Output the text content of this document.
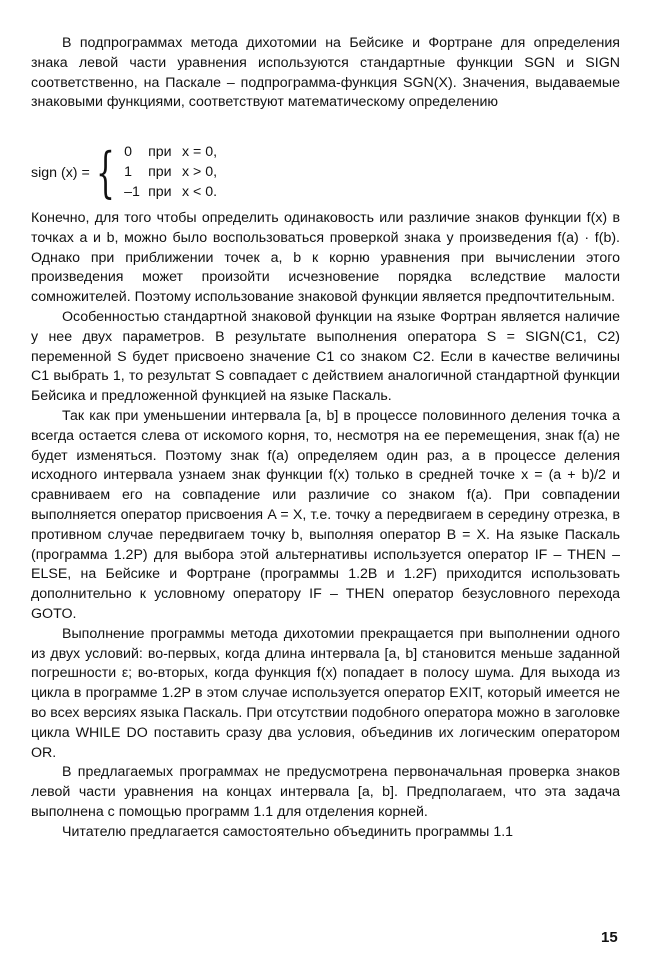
В подпрограммах метода дихотомии на Бейсике и Фортране для определения знака левой части уравнения используются стандартные функции SGN и SIGN соответственно, на Паскале – подпрограмма-функция SGN(X). Значения, выдаваемые знаковыми функциями, соответствуют математическому определению

sign (x) = { 0 при x = 0,
1 при x > 0,
–1 при x < 0.

Конечно, для того чтобы определить одинаковость или различие знаков функции f(x) в точках a и b, можно было воспользоваться проверкой знака у произведения f(a) · f(b). Однако при приближении точек a, b к корню уравнения при вычислении этого произведения может произойти исчезновение порядка вследствие малости сомножителей. Поэтому использование знаковой функции является предпочтительным.

Особенностью стандартной знаковой функции на языке Фортран является наличие у нее двух параметров. В результате выполнения оператора S = SIGN(C1, C2) переменной S будет присвоено значение C1 со знаком C2. Если в качестве величины C1 выбрать 1, то результат S совпадает с действием аналогичной стандартной функции Бейсика и предложенной функцией на языке Паскаль.

Так как при уменьшении интервала [a, b] в процессе половинного деления точка a всегда остается слева от искомого корня, то, несмотря на ее перемещения, знак f(a) не будет изменяться. Поэтому знак f(a) определяем один раз, а в процессе деления исходного интервала узнаем знак функции f(x) только в средней точке x = (a + b)/2 и сравниваем его на совпадение или различие со знаком f(a). При совпадении выполняется оператор присвоения A = X, т.е. точку a передвигаем в середину отрезка, в противном случае передвигаем точку b, выполняя оператор B = X. На языке Паскаль (программа 1.2P) для выбора этой альтернативы используется оператор IF – THEN – ELSE, на Бейсике и Фортране (программы 1.2B и 1.2F) приходится использовать дополнительно к условному оператору IF – THEN оператор безусловного перехода GOTO.

Выполнение программы метода дихотомии прекращается при выполнении одного из двух условий: во-первых, когда длина интервала [a, b] становится меньше заданной погрешности ε; во-вторых, когда функция f(x) попадает в полосу шума. Для выхода из цикла в программе 1.2P в этом случае используется оператор EXIT, который имеется не во всех версиях языка Паскаль. При отсутствии подобного оператора можно в заголовке цикла WHILE DO поставить сразу два условия, объединив их логическим оператором OR.

В предлагаемых программах не предусмотрена первоначальная проверка знаков левой части уравнения на концах интервала [a, b]. Предполагаем, что эта задача выполнена с помощью программ 1.1 для отделения корней.

Читателю предлагается самостоятельно объединить программы 1.1

15
